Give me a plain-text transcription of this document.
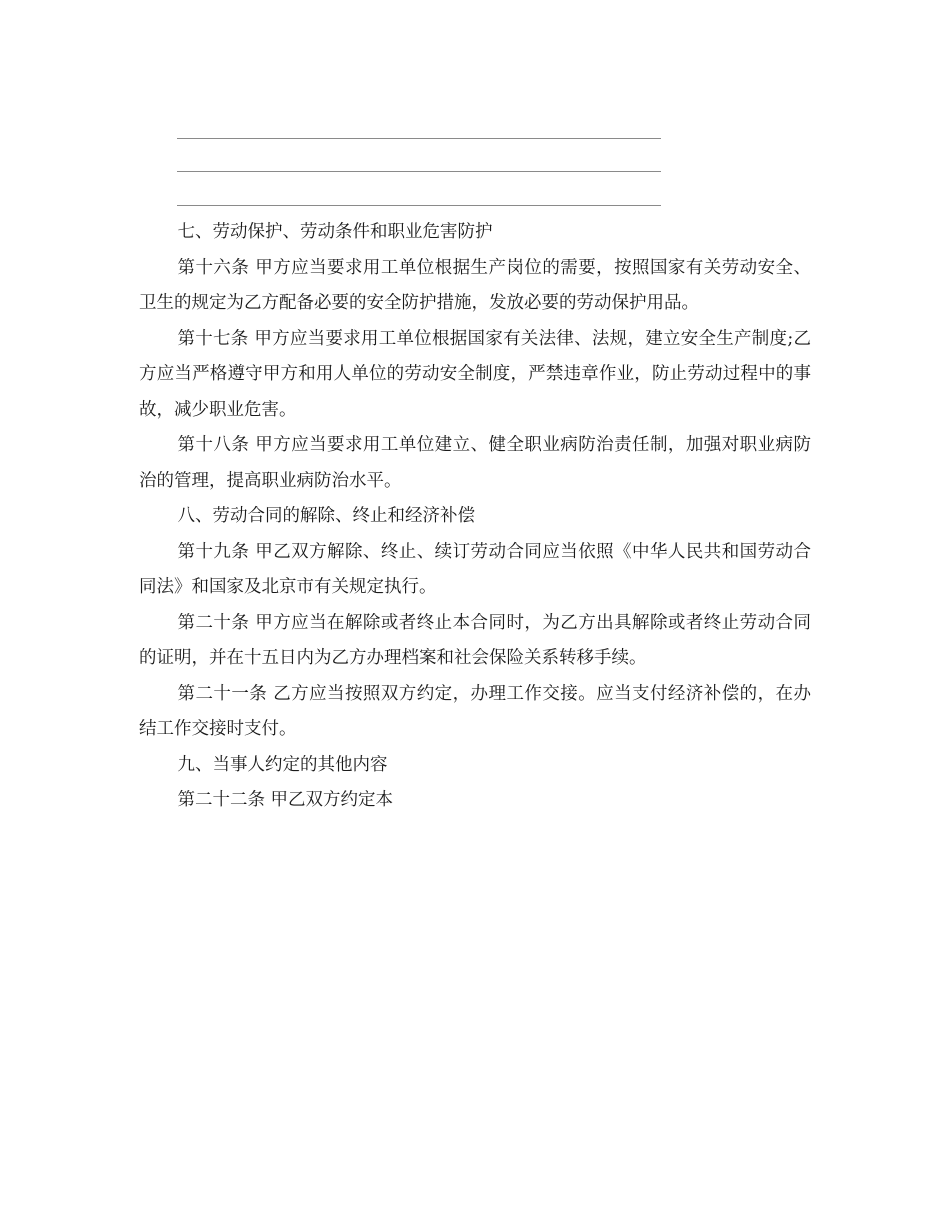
七、劳动保护、劳动条件和职业危害防护

第十六条 甲方应当要求用工单位根据生产岗位的需要，按照国家有关劳动安全、卫生的规定为乙方配备必要的安全防护措施，发放必要的劳动保护用品。

第十七条 甲方应当要求用工单位根据国家有关法律、法规，建立安全生产制度;乙方应当严格遵守甲方和用人单位的劳动安全制度，严禁违章作业，防止劳动过程中的事故，减少职业危害。

第十八条 甲方应当要求用工单位建立、健全职业病防治责任制，加强对职业病防治的管理，提高职业病防治水平。

八、劳动合同的解除、终止和经济补偿

第十九条 甲乙双方解除、终止、续订劳动合同应当依照《中华人民共和国劳动合同法》和国家及北京市有关规定执行。

第二十条 甲方应当在解除或者终止本合同时，为乙方出具解除或者终止劳动合同的证明，并在十五日内为乙方办理档案和社会保险关系转移手续。

第二十一条 乙方应当按照双方约定，办理工作交接。应当支付经济补偿的，在办结工作交接时支付。

九、当事人约定的其他内容

第二十二条 甲乙双方约定本
